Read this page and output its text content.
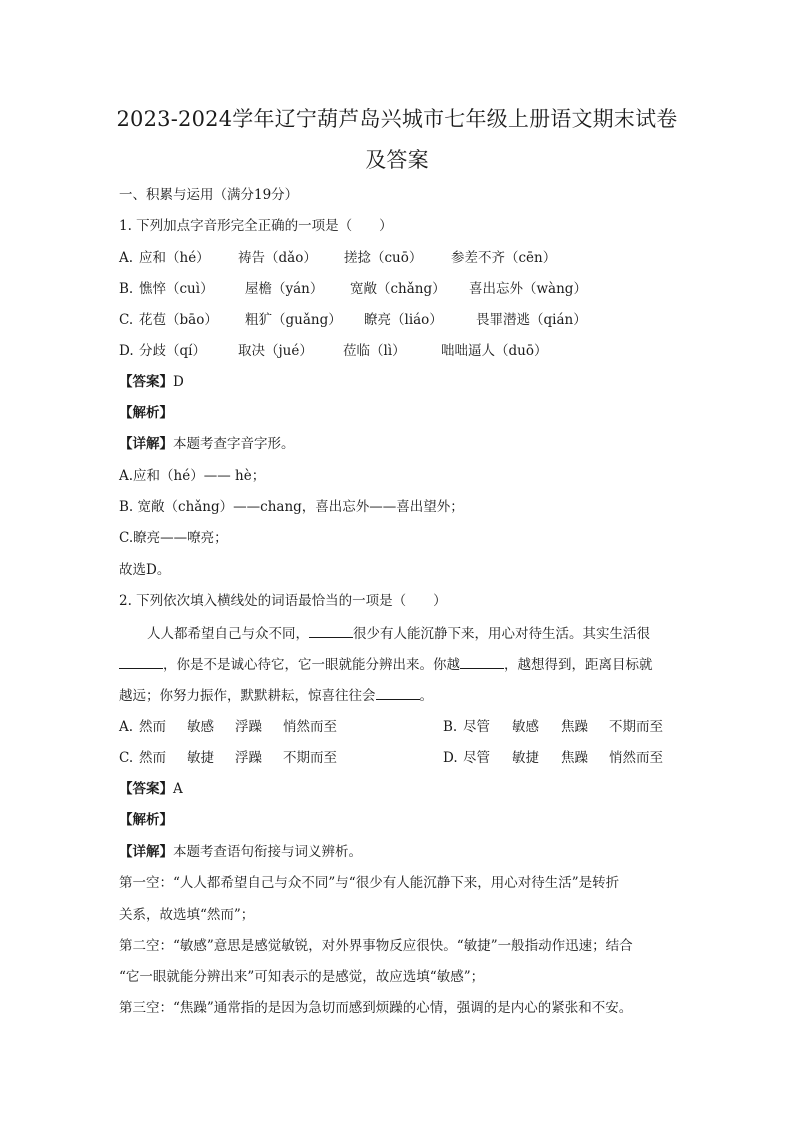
2023-2024学年辽宁葫芦岛兴城市七年级上册语文期末试卷
及答案
一、积累与运用（满分19分）
1. 下列加点字音形完全正确的一项是（　　）
A. 应和（hé） 祷告（dǎo） 搓捻（cuō） 参差不齐（cēn）
B. 憔悴（cuì） 屋檐（yán） 宽敞（chǎng） 喜出忘外（wàng）
C. 花苞（bāo） 粗犷（guǎng） 瞭亮（liáo） 畏罪潜逃（qián）
D. 分歧（qí） 取决（jué） 莅临（lì）	咄咄逼人（duō）
【答案】D
【解析】
【详解】本题考查字音字形。
A.应和（hé）—— hè；
B. 宽敞（chǎng）——chang，喜出忘外——喜出望外；
C.瞭亮——嘹亮；
故选D。
2. 下列依次填入横线处的词语最恰当的一项是（　　）
人人都希望自己与众不同，	很少有人能沉静下来，用心对待生活。其实生活很
，你是不是诚心待它，它一眼就能分辨出来。你越	，越想得到，距离目标就
越远；你努力振作，默默耕耘，惊喜往往会	。
A. 然而 敏感 浮躁 悄然而至	B. 尽管 敏感 焦躁 不期而至
C. 然而 敏捷 浮躁 不期而至	D. 尽管 敏捷 焦躁 悄然而至
【答案】A
【解析】
【详解】本题考查语句衔接与词义辨析。
第一空：“人人都希望自己与众不同”与“很少有人能沉静下来，用心对待生活”是转折
关系，故选填“然而”；
第二空：“敏感”意思是感觉敏锐，对外界事物反应很快。“敏捷”一般指动作迅速；结合
“它一眼就能分辨出来”可知表示的是感觉，故应选填“敏感”；
第三空：“焦躁”通常指的是因为急切而感到烦躁的心情，强调的是内心的紧张和不安。
